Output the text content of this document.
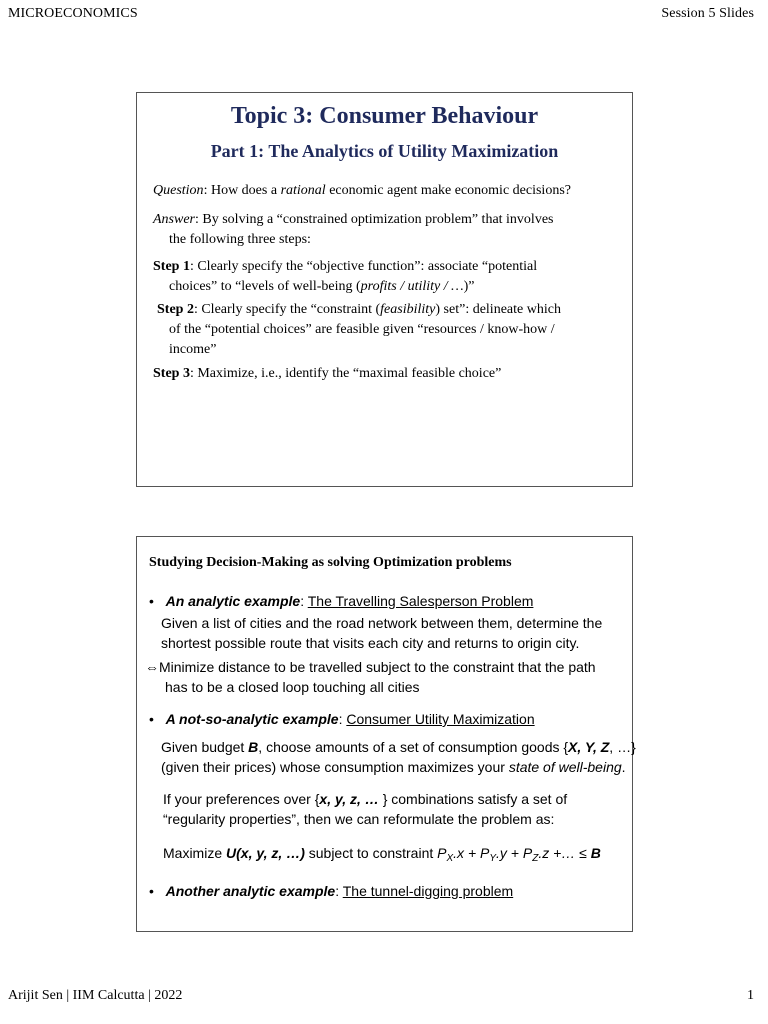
MICROECONOMICS	Session 5 Slides
Topic 3: Consumer Behaviour
Part 1: The Analytics of Utility Maximization
Question: How does a rational economic agent make economic decisions?
Answer: By solving a “constrained optimization problem” that involves
the following three steps:
Step 1: Clearly specify the “objective function”: associate “potential
choices” to “levels of well-being (profits / utility / …)”
Step 2: Clearly specify the “constraint (feasibility) set”: delineate which
of the “potential choices” are feasible given “resources / know-how /
income”
Step 3: Maximize, i.e., identify the “maximal feasible choice”
Studying Decision-Making as solving Optimization problems
• An analytic example: The Travelling Salesperson Problem
Given a list of cities and the road network between them, determine the
shortest possible route that visits each city and returns to origin city.
⇔Minimize distance to be travelled subject to the constraint that the path
has to be a closed loop touching all cities
• A not-so-analytic example: Consumer Utility Maximization
Given budget B, choose amounts of a set of consumption goods {X, Y, Z, …}
(given their prices) whose consumption maximizes your state of well-being.
If your preferences over {x, y, z, … } combinations satisfy a set of
“regularity properties”, then we can reformulate the problem as:
Maximize U(x, y, z, …) subject to constraint $P_X.x + P_Y.y + P_Z.z$ +… ≤ B
• Another analytic example: The tunnel-digging problem
Arijit Sen | IIM Calcutta | 2022	1
